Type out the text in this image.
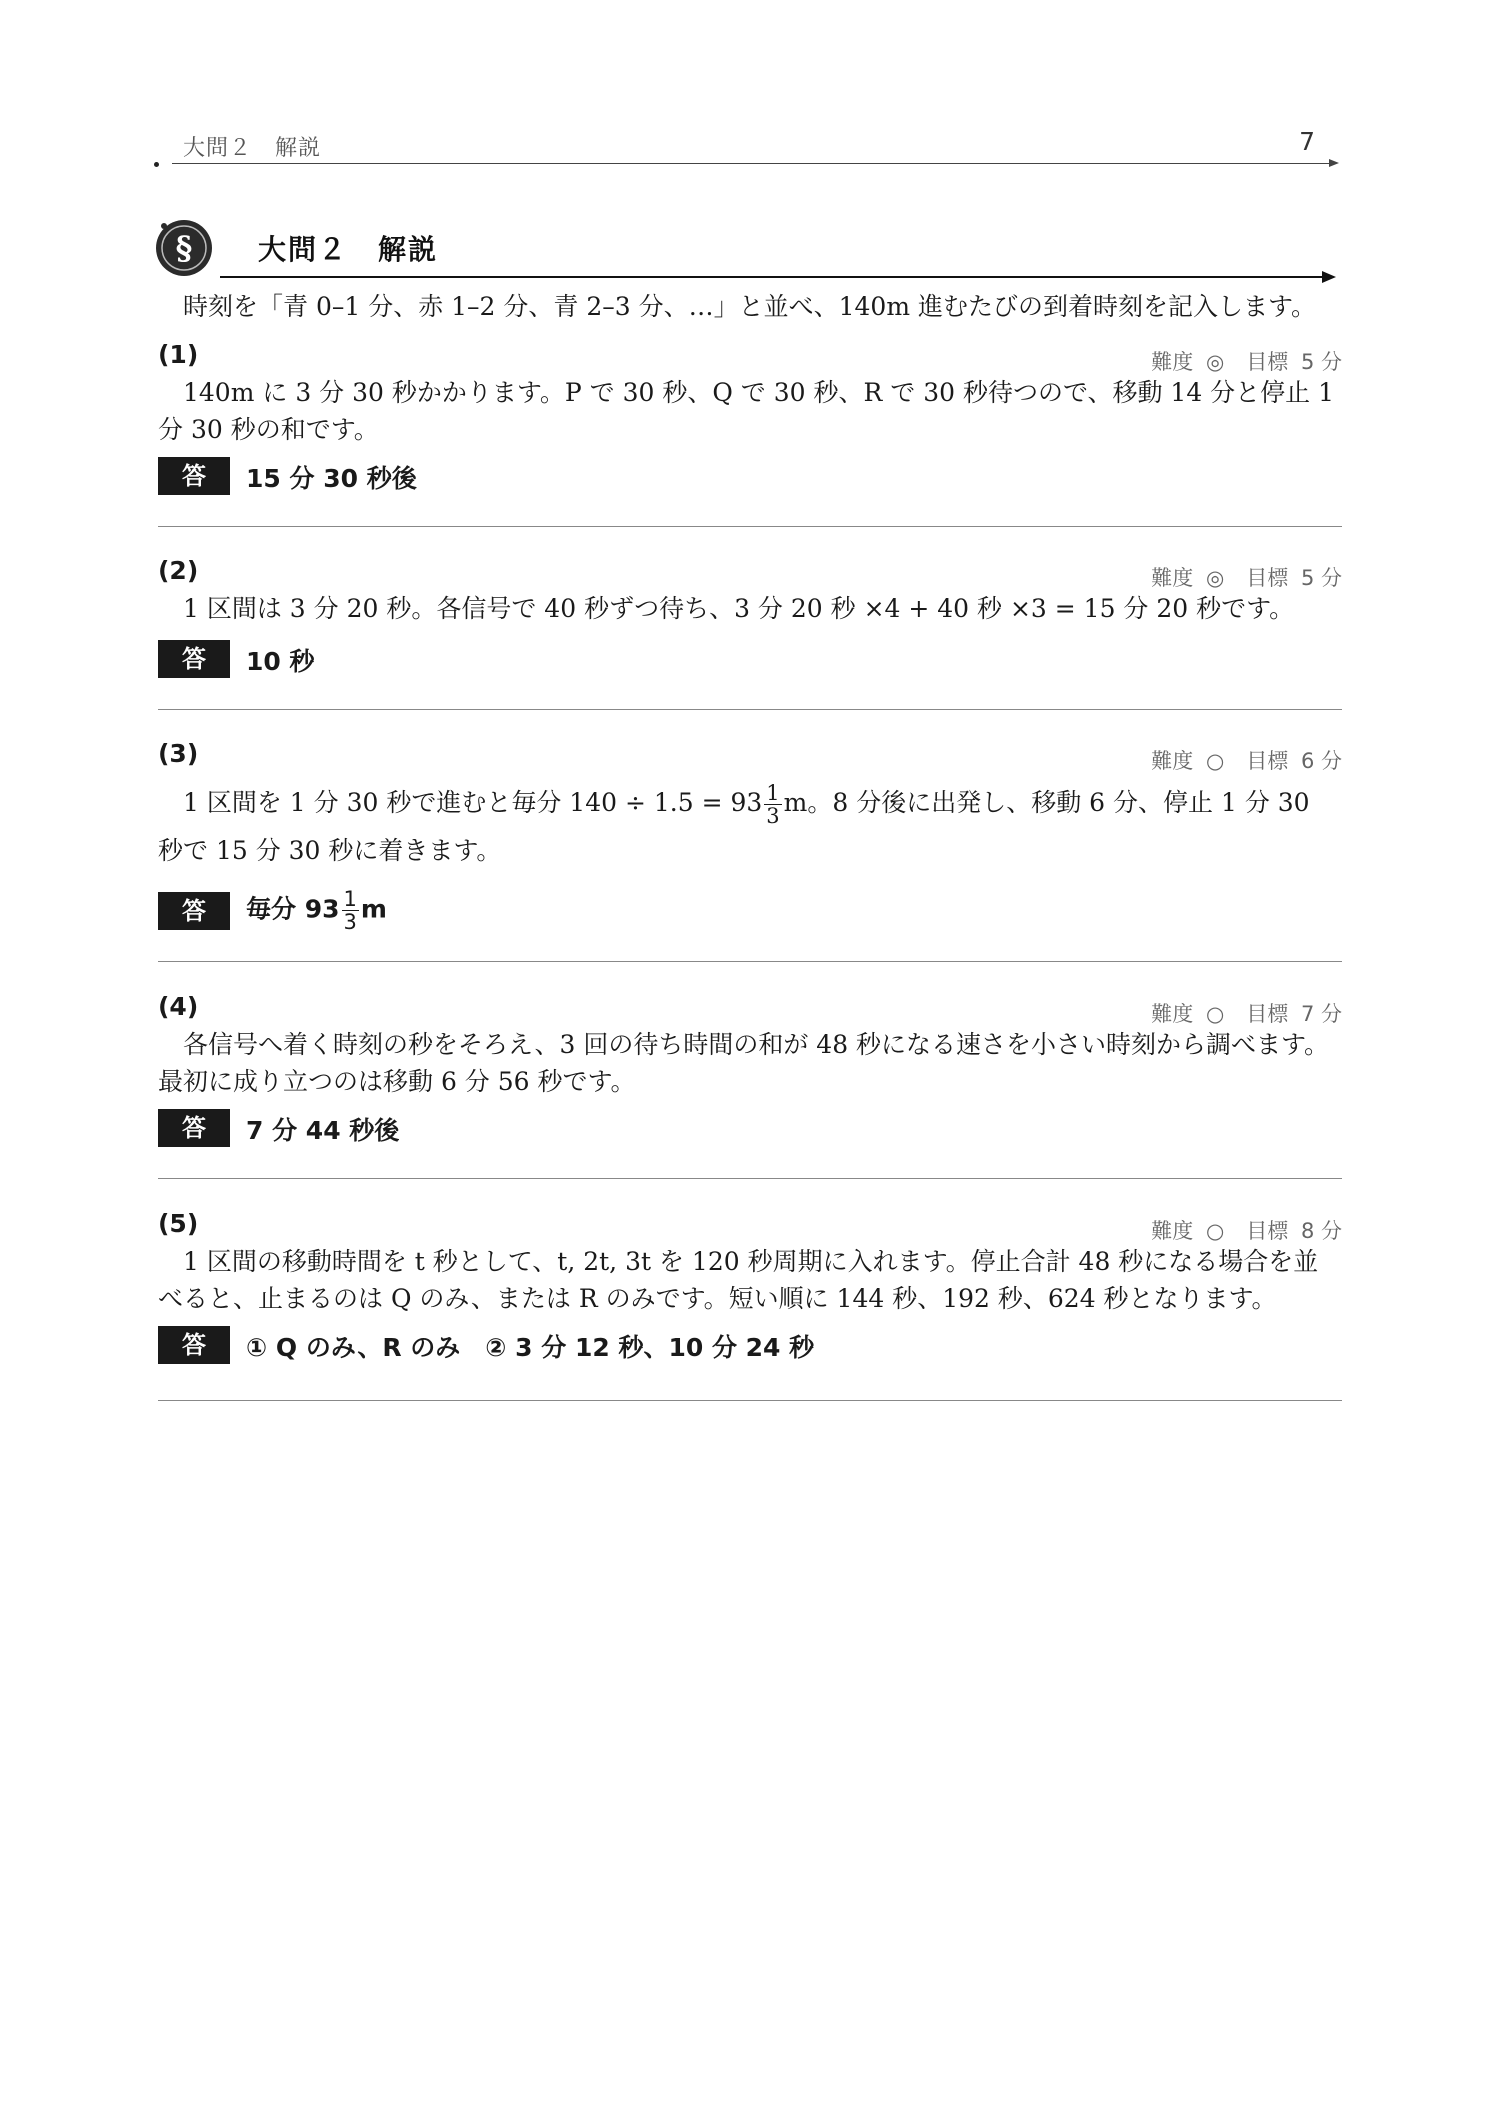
大問２　解説	7
§ 大問２　解説
時刻を「青 0–1 分、赤 1–2 分、青 2–3 分、…」と並べ、140m 進むたびの到着時刻を記入します。
(1)	難度 ◎ 目標 5 分
140m に 3 分 30 秒かかります。P で 30 秒、Q で 30 秒、R で 30 秒待つので、移動 14 分と停止 1 分 30 秒の和です。
答	15 分 30 秒後
(2)	難度 ◎ 目標 5 分
1 区間は 3 分 20 秒。各信号で 40 秒ずつ待ち、3 分 20 秒 ×4 + 40 秒 ×3 = 15 分 20 秒です。
答	10 秒
(3)	難度 ○ 目標 6 分
1 区間を 1 分 30 秒で進むと毎分 $140 \div 1.5 = 93 \frac{1}{3}$ m。8 分後に出発し、移動 6 分、停止 1 分 30 秒で 15 分 30 秒に着きます。
答	毎分 $93 \frac{1}{3}$ m
(4)	難度 ○ 目標 7 分
各信号へ着く時刻の秒をそろえ、3 回の待ち時間の和が 48 秒になる速さを小さい時刻から調べます。最初に成り立つのは移動 6 分 56 秒です。
答	7 分 44 秒後
(5)	難度 ○ 目標 8 分
1 区間の移動時間を t 秒として、t, 2t, 3t を 120 秒周期に入れます。停止合計 48 秒になる場合を並べると、止まるのは Q のみ、または R のみです。短い順に 144 秒、192 秒、624 秒となります。
答	① Q のみ、R のみ　② 3 分 12 秒、10 分 24 秒
